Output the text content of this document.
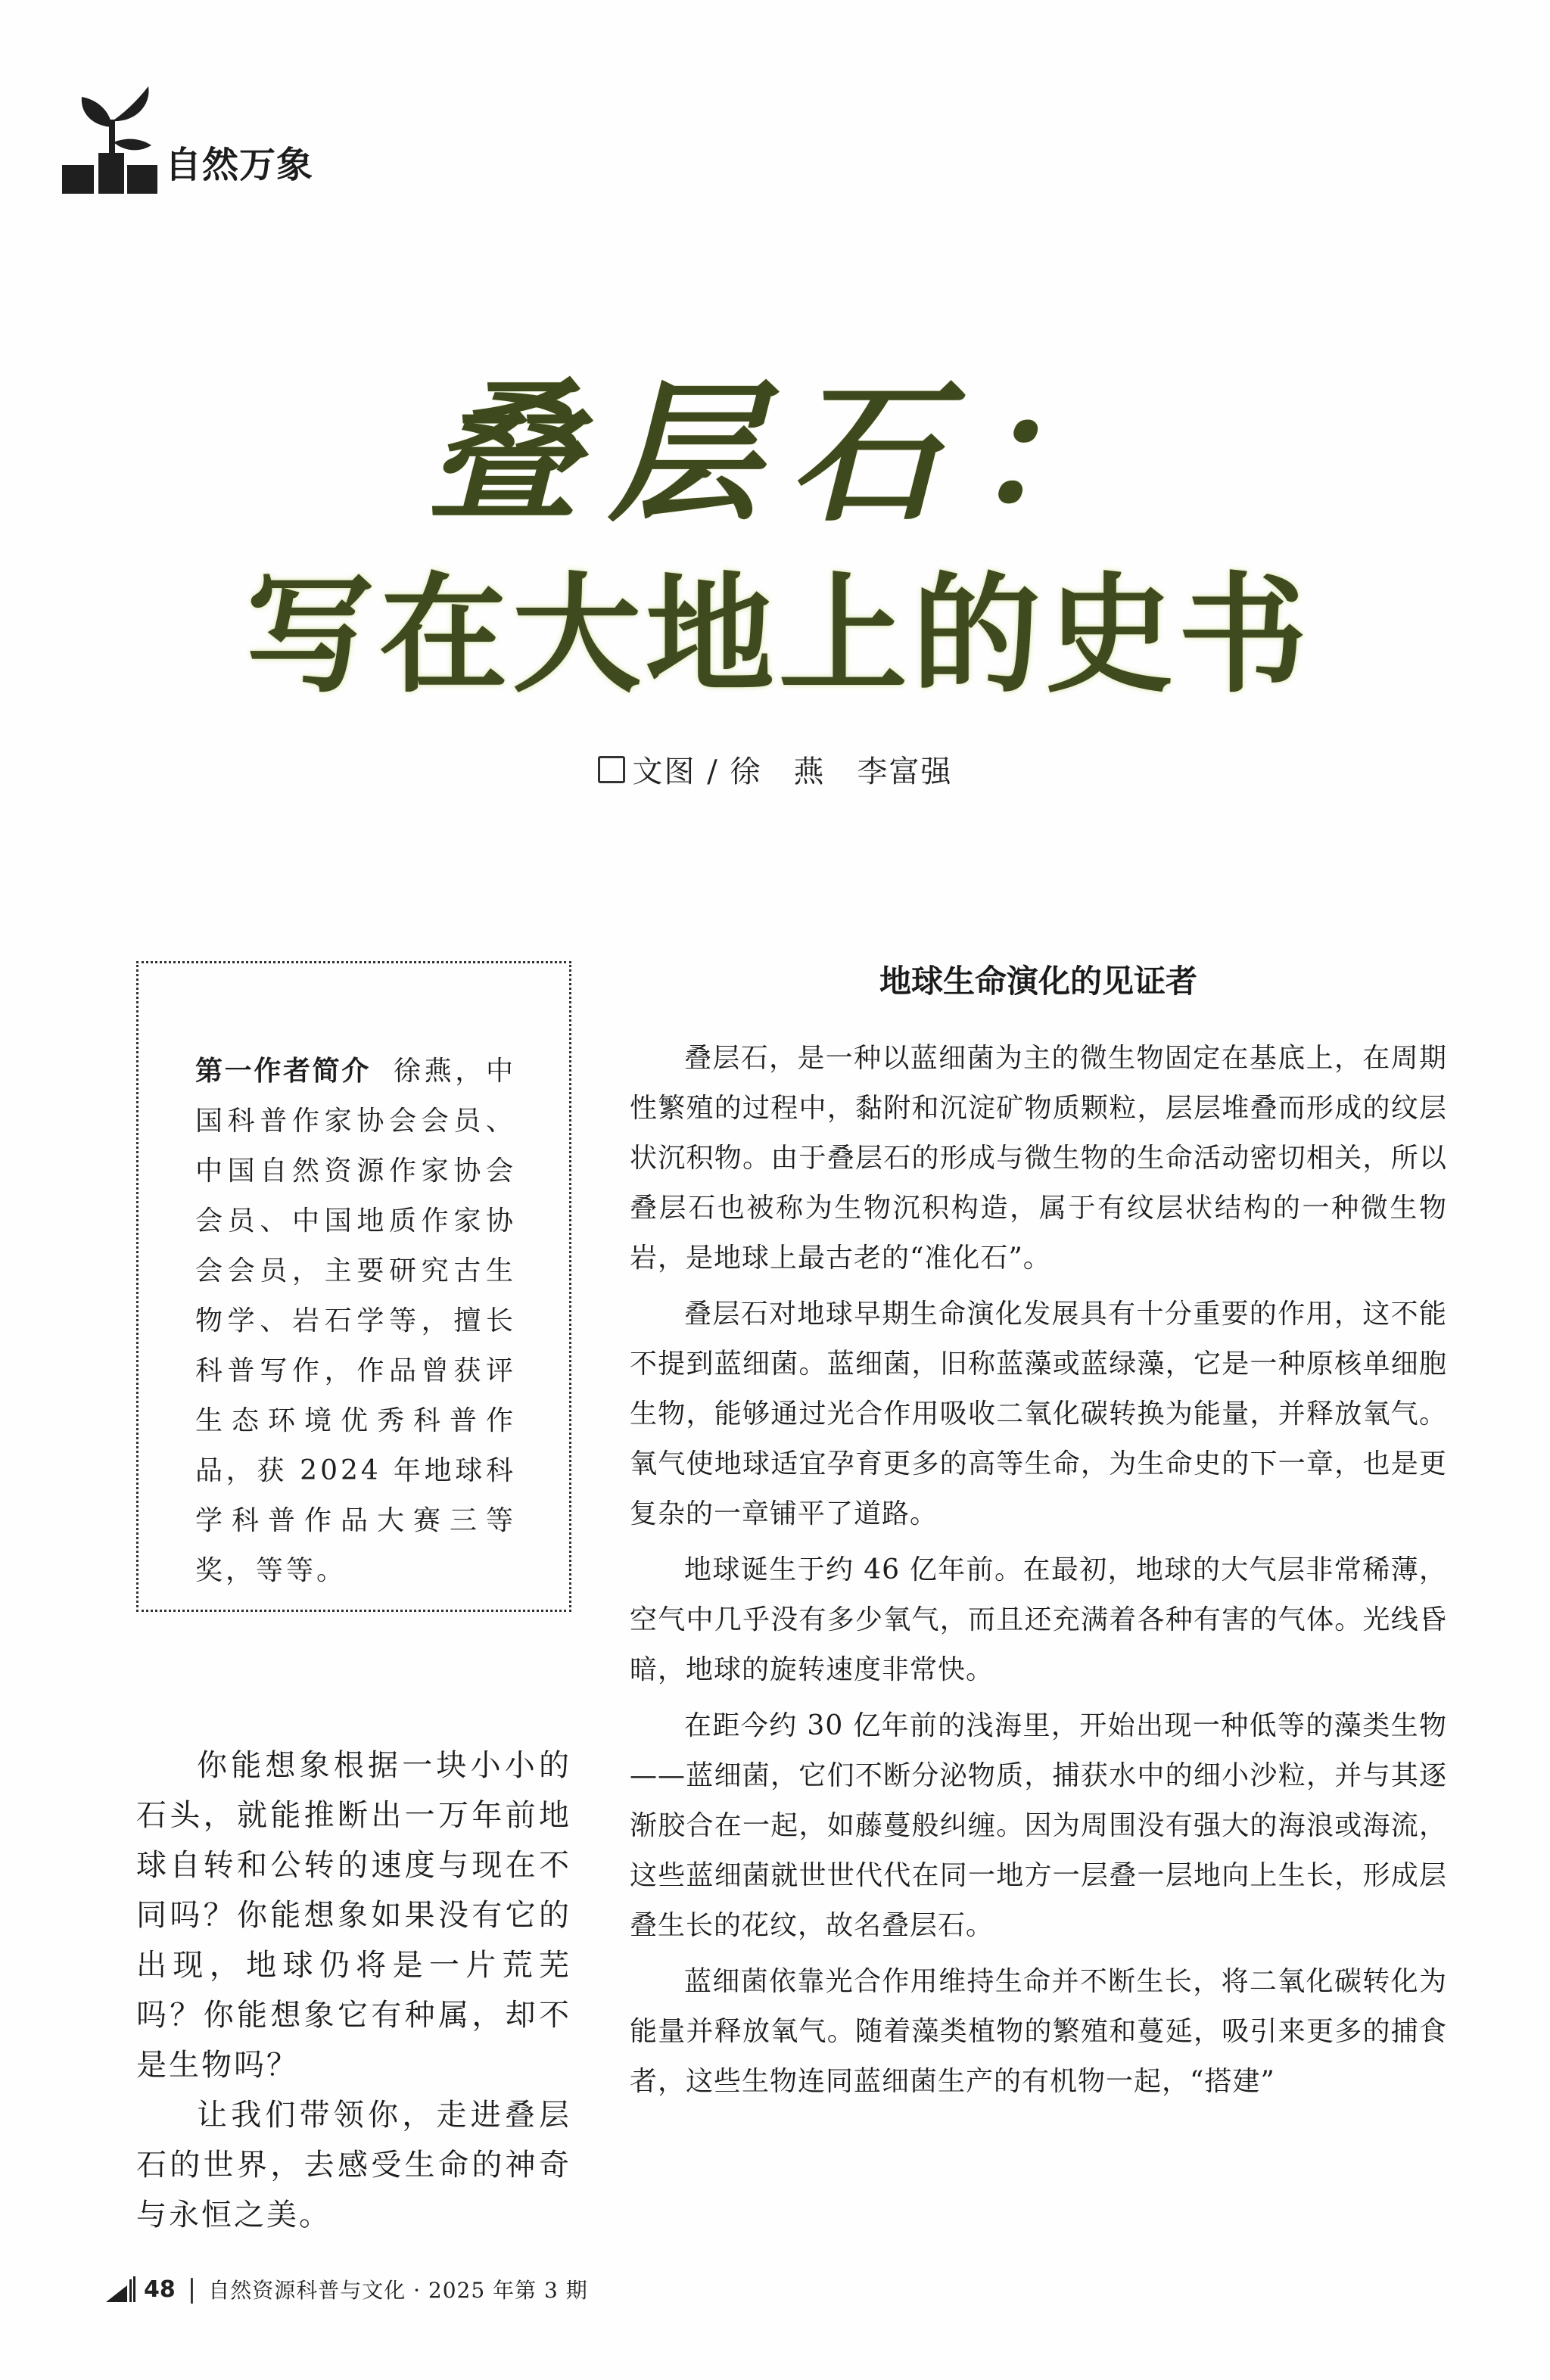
自然万象
叠层石：
写在大地上的史书
文图 / 徐　燕　李富强
第一作者简介 徐燕，中国科普作家协会会员、中国自然资源作家协会会员、中国地质作家协会会员，主要研究古生物学、岩石学等，擅长科普写作，作品曾获评生态环境优秀科普作品，获 2024 年地球科学科普作品大赛三等奖，等等。

你能想象根据一块小小的石头，就能推断出一万年前地球自转和公转的速度与现在不同吗？你能想象如果没有它的出现，地球仍将是一片荒芜吗？你能想象它有种属，却不是生物吗？

让我们带领你，走进叠层石的世界，去感受生命的神奇与永恒之美。

地球生命演化的见证者

叠层石，是一种以蓝细菌为主的微生物固定在基底上，在周期性繁殖的过程中，黏附和沉淀矿物质颗粒，层层堆叠而形成的纹层状沉积物。由于叠层石的形成与微生物的生命活动密切相关，所以叠层石也被称为生物沉积构造，属于有纹层状结构的一种微生物岩，是地球上最古老的“准化石”。

叠层石对地球早期生命演化发展具有十分重要的作用，这不能不提到蓝细菌。蓝细菌，旧称蓝藻或蓝绿藻，它是一种原核单细胞生物，能够通过光合作用吸收二氧化碳转换为能量，并释放氧气。氧气使地球适宜孕育更多的高等生命，为生命史的下一章，也是更复杂的一章铺平了道路。

地球诞生于约 46 亿年前。在最初，地球的大气层非常稀薄，空气中几乎没有多少氧气，而且还充满着各种有害的气体。光线昏暗，地球的旋转速度非常快。

在距今约 30 亿年前的浅海里，开始出现一种低等的藻类生物——蓝细菌，它们不断分泌物质，捕获水中的细小沙粒，并与其逐渐胶合在一起，如藤蔓般纠缠。因为周围没有强大的海浪或海流，这些蓝细菌就世世代代在同一地方一层叠一层地向上生长，形成层叠生长的花纹，故名叠层石。

蓝细菌依靠光合作用维持生命并不断生长，将二氧化碳转化为能量并释放氧气。随着藻类植物的繁殖和蔓延，吸引来更多的捕食者，这些生物连同蓝细菌生产的有机物一起，“搭建”

48 | 自然资源科普与文化 · 2025 年第 3 期
